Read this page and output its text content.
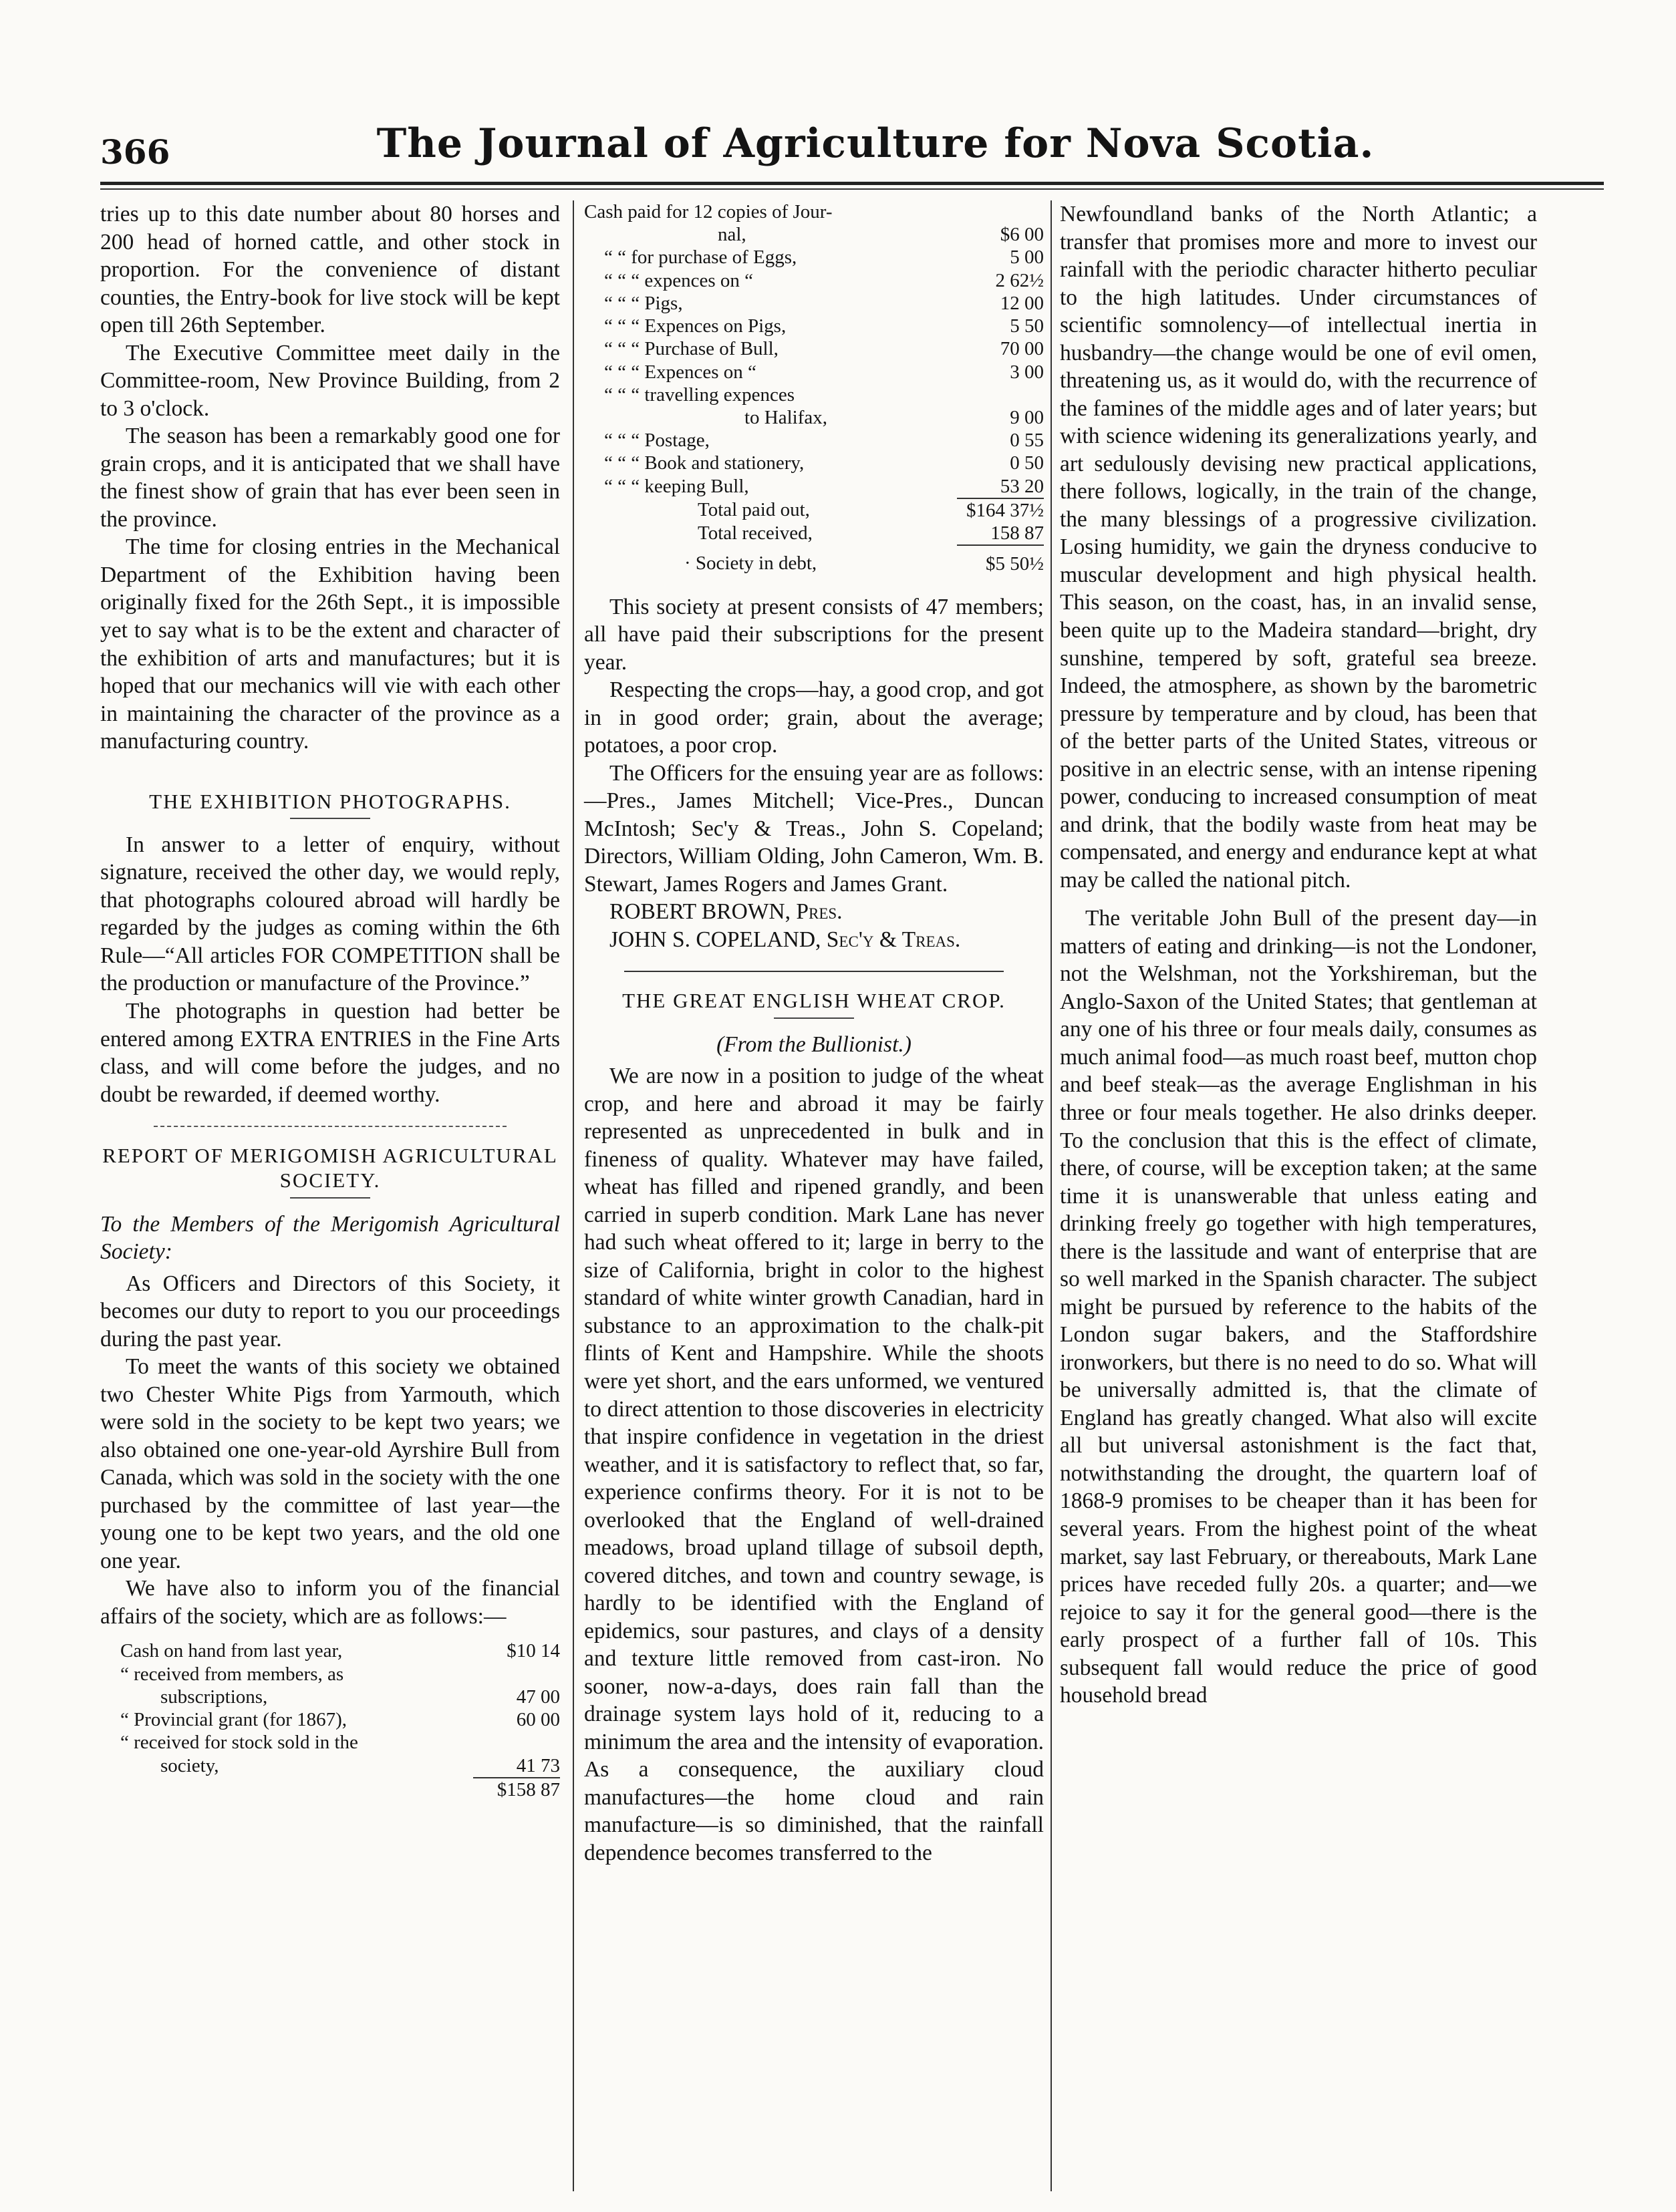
366	The Journal of Agriculture for Nova Scotia.

tries up to this date number about 80 horses and 200 head of horned cattle, and other stock in proportion. For the convenience of distant counties, the Entry-book for live stock will be kept open till 26th September.

The Executive Committee meet daily in the Committee-room, New Province Building, from 2 to 3 o'clock.

The season has been a remarkably good one for grain crops, and it is anticipated that we shall have the finest show of grain that has ever been seen in the province.

The time for closing entries in the Mechanical Department of the Exhibition having been originally fixed for the 26th Sept., it is impossible yet to say what is to be the extent and character of the exhibition of arts and manufactures; but it is hoped that our mechanics will vie with each other in maintaining the character of the province as a manufacturing country.

THE EXHIBITION PHOTOGRAPHS.

In answer to a letter of enquiry, without signature, received the other day, we would reply, that photographs coloured abroad will hardly be regarded by the judges as coming within the 6th Rule—“All articles FOR COMPETITION shall be the production or manufacture of the Province.”

The photographs in question had better be entered among EXTRA ENTRIES in the Fine Arts class, and will come before the judges, and no doubt be rewarded, if deemed worthy.

REPORT OF MERIGOMISH AGRICULTURAL SOCIETY.
To the Members of the Merigomish Agricultural Society:

As Officers and Directors of this Society, it becomes our duty to report to you our proceedings during the past year.

To meet the wants of this society we obtained two Chester White Pigs from Yarmouth, which were sold in the society to be kept two years; we also obtained one one-year-old Ayrshire Bull from Canada, which was sold in the society with the one purchased by the committee of last year—the young one to be kept two years, and the old one one year.

We have also to inform you of the financial affairs of the society, which are as follows:—

Cash on hand from last year,	$10 14
“ received from members, as	
subscriptions,	47 00
“ Provincial grant (for 1867),	60 00
“ received for stock sold in the	
society,	41 73
	$158 87
Cash paid for 12 copies of Jour-	
nal,	$6 00
“ “ for purchase of Eggs,	5 00
“ “ “ expences on “	2 62½
“ “ “ Pigs,	12 00
“ “ “ Expences on Pigs,	5 50
“ “ “ Purchase of Bull,	70 00
“ “ “ Expences on “	3 00
“ “ “ travelling expences	
to Halifax,	9 00
“ “ “ Postage,	0 55
“ “ “ Book and stationery,	0 50
“ “ “ keeping Bull,	53 20
Total paid out,	$164 37½
Total received,	158 87
· Society in debt,	$5 50½

This society at present consists of 47 members; all have paid their subscriptions for the present year.

Respecting the crops—hay, a good crop, and got in in good order; grain, about the average; potatoes, a poor crop.

The Officers for the ensuing year are as follows:—Pres., James Mitchell; Vice-Pres., Duncan McIntosh; Sec'y & Treas., John S. Copeland; Directors, William Olding, John Cameron, Wm. B. Stewart, James Rogers and James Grant.

ROBERT BROWN, Pres.
JOHN S. COPELAND, Sec'y & Treas.
THE GREAT ENGLISH WHEAT CROP.
(From the Bullionist.)

We are now in a position to judge of the wheat crop, and here and abroad it may be fairly represented as unprecedented in bulk and in fineness of quality. Whatever may have failed, wheat has filled and ripened grandly, and been carried in superb condition. Mark Lane has never had such wheat offered to it; large in berry to the size of California, bright in color to the highest standard of white winter growth Canadian, hard in substance to an approximation to the chalk-pit flints of Kent and Hampshire. While the shoots were yet short, and the ears unformed, we ventured to direct attention to those discoveries in electricity that inspire confidence in vegetation in the driest weather, and it is satisfactory to reflect that, so far, experience confirms theory. For it is not to be overlooked that the England of well-drained meadows, broad upland tillage of subsoil depth, covered ditches, and town and country sewage, is hardly to be identified with the England of epidemics, sour pastures, and clays of a density and texture little removed from cast-iron. No sooner, now-a-days, does rain fall than the drainage system lays hold of it, reducing to a minimum the area and the intensity of evaporation. As a consequence, the auxiliary cloud manufactures—the home cloud and rain manufacture—is so diminished, that the rainfall dependence becomes transferred to the

Newfoundland banks of the North Atlantic; a transfer that promises more and more to invest our rainfall with the periodic character hitherto peculiar to the high latitudes. Under circumstances of scientific somnolency—of intellectual inertia in husbandry—the change would be one of evil omen, threatening us, as it would do, with the recurrence of the famines of the middle ages and of later years; but with science widening its generalizations yearly, and art sedulously devising new practical applications, there follows, logically, in the train of the change, the many blessings of a progressive civilization. Losing humidity, we gain the dryness conducive to muscular development and high physical health. This season, on the coast, has, in an invalid sense, been quite up to the Madeira standard—bright, dry sunshine, tempered by soft, grateful sea breeze. Indeed, the atmosphere, as shown by the barometric pressure by temperature and by cloud, has been that of the better parts of the United States, vitreous or positive in an electric sense, with an intense ripening power, conducing to increased consumption of meat and drink, that the bodily waste from heat may be compensated, and energy and endurance kept at what may be called the national pitch.

The veritable John Bull of the present day—in matters of eating and drinking—is not the Londoner, not the Welshman, not the Yorkshireman, but the Anglo-Saxon of the United States; that gentleman at any one of his three or four meals daily, consumes as much animal food—as much roast beef, mutton chop and beef steak—as the average Englishman in his three or four meals together. He also drinks deeper. To the conclusion that this is the effect of climate, there, of course, will be exception taken; at the same time it is unanswerable that unless eating and drinking freely go together with high temperatures, there is the lassitude and want of enterprise that are so well marked in the Spanish character. The subject might be pursued by reference to the habits of the London sugar bakers, and the Staffordshire ironworkers, but there is no need to do so. What will be universally admitted is, that the climate of England has greatly changed. What also will excite all but universal astonishment is the fact that, notwithstanding the drought, the quartern loaf of 1868-9 promises to be cheaper than it has been for several years. From the highest point of the wheat market, say last February, or thereabouts, Mark Lane prices have receded fully 20s. a quarter; and—we rejoice to say it for the general good—there is the early prospect of a further fall of 10s. This subsequent fall would reduce the price of good household bread
